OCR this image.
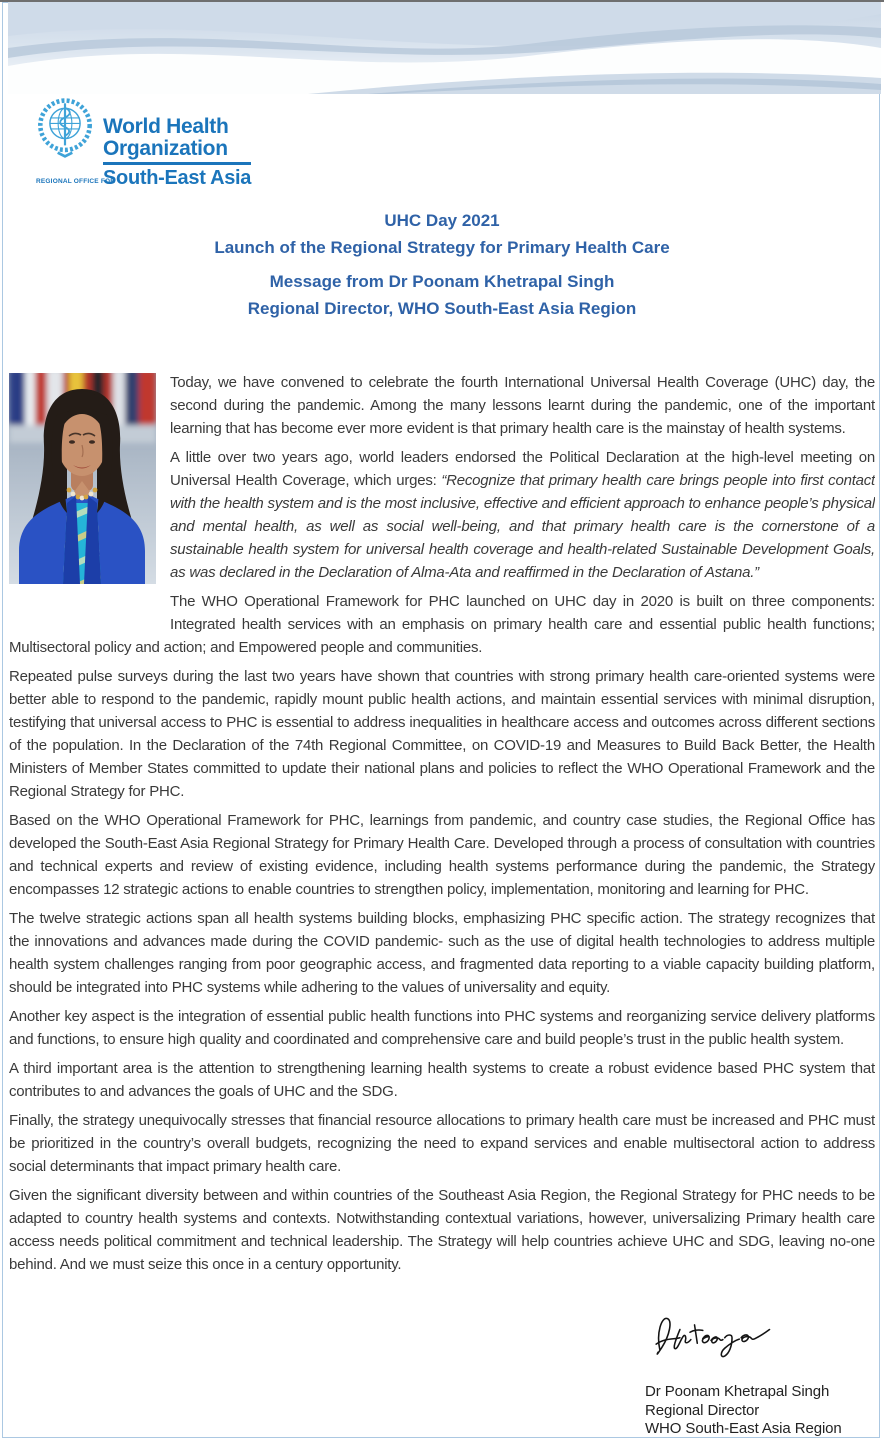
World Health
Organization
REGIONAL OFFICE FOR
South-East Asia
UHC Day 2021
Launch of the Regional Strategy for Primary Health Care
Message from Dr Poonam Khetrapal Singh
Regional Director, WHO South-East Asia Region

Today, we have convened to celebrate the fourth International Universal Health Coverage (UHC) day, the second during the pandemic. Among the many lessons learnt during the pandemic, one of the important learning that has become ever more evident is that primary health care is the mainstay of health systems.

A little over two years ago, world leaders endorsed the Political Declaration at the high-level meeting on Universal Health Coverage, which urges: “Recognize that primary health care brings people into first contact with the health system and is the most inclusive, effective and efficient approach to enhance people’s physical and mental health, as well as social well-being, and that primary health care is the cornerstone of a sustainable health system for universal health coverage and health-related Sustainable Development Goals, as was declared in the Declaration of Alma-Ata and reaffirmed in the Declaration of Astana.”

The WHO Operational Framework for PHC launched on UHC day in 2020 is built on three components: Integrated health services with an emphasis on primary health care and essential public health functions; Multisectoral policy and action; and Empowered people and communities.

Repeated pulse surveys during the last two years have shown that countries with strong primary health care-oriented systems were better able to respond to the pandemic, rapidly mount public health actions, and maintain essential services with minimal disruption, testifying that universal access to PHC is essential to address inequalities in healthcare access and outcomes across different sections of the population. In the Declaration of the 74th Regional Committee, on COVID-19 and Measures to Build Back Better, the Health Ministers of Member States committed to update their national plans and policies to reflect the WHO Operational Framework and the Regional Strategy for PHC.

Based on the WHO Operational Framework for PHC, learnings from pandemic, and country case studies, the Regional Office has developed the South-East Asia Regional Strategy for Primary Health Care. Developed through a process of consultation with countries and technical experts and review of existing evidence, including health systems performance during the pandemic, the Strategy encompasses 12 strategic actions to enable countries to strengthen policy, implementation, monitoring and learning for PHC.

The twelve strategic actions span all health systems building blocks, emphasizing PHC specific action. The strategy recognizes that the innovations and advances made during the COVID pandemic- such as the use of digital health technologies to address multiple health system challenges ranging from poor geographic access, and fragmented data reporting to a viable capacity building platform, should be integrated into PHC systems while adhering to the values of universality and equity.

Another key aspect is the integration of essential public health functions into PHC systems and reorganizing service delivery platforms and functions, to ensure high quality and coordinated and comprehensive care and build people’s trust in the public health system.

A third important area is the attention to strengthening learning health systems to create a robust evidence based PHC system that contributes to and advances the goals of UHC and the SDG.

Finally, the strategy unequivocally stresses that financial resource allocations to primary health care must be increased and PHC must be prioritized in the country’s overall budgets, recognizing the need to expand services and enable multisectoral action to address social determinants that impact primary health care.

Given the significant diversity between and within countries of the Southeast Asia Region, the Regional Strategy for PHC needs to be adapted to country health systems and contexts. Notwithstanding contextual variations, however, universalizing Primary health care access needs political commitment and technical leadership. The Strategy will help countries achieve UHC and SDG, leaving no-one behind. And we must seize this once in a century opportunity.

Dr Poonam Khetrapal Singh
Regional Director
WHO South-East Asia Region
